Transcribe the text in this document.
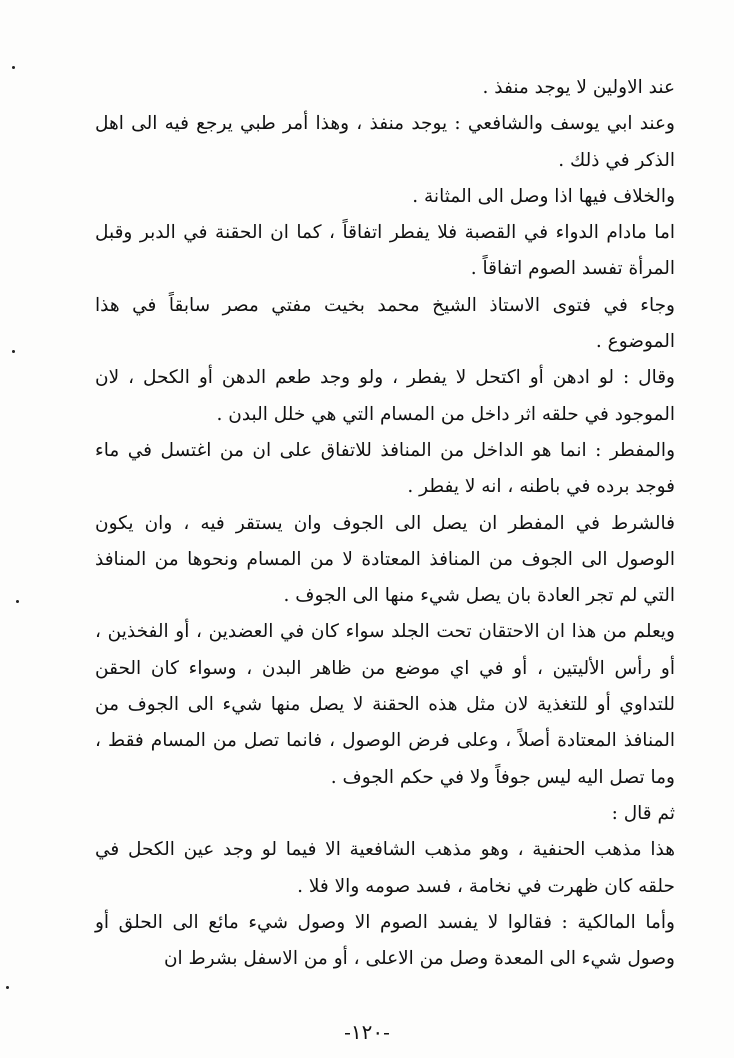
عند الاولين لا يوجد منفذ .

وعند ابي يوسف والشافعي : يوجد منفذ ، وهذا أمر طبي يرجع فيه الى اهل الذكر في ذلك .

والخلاف فيها اذا وصل الى المثانة .

اما مادام الدواء في القصبة فلا يفطر اتفاقاً ، كما ان الحقنة في الدبر وقبل المرأة تفسد الصوم اتفاقاً .

وجاء في فتوى الاستاذ الشيخ محمد بخيت مفتي مصر سابقاً في هذا الموضوع .

وقال : لو ادهن أو اكتحل لا يفطر ، ولو وجد طعم الدهن أو الكحل ، لان الموجود في حلقه اثر داخل من المسام التي هي خلل البدن .

والمفطر : انما هو الداخل من المنافذ للاتفاق على ان من اغتسل في ماء فوجد برده في باطنه ، انه لا يفطر .

فالشرط في المفطر ان يصل الى الجوف وان يستقر فيه ، وان يكون الوصول الى الجوف من المنافذ المعتادة لا من المسام ونحوها من المنافذ التي لم تجر العادة بان يصل شيء منها الى الجوف .

ويعلم من هذا ان الاحتقان تحت الجلد سواء كان في العضدين ، أو الفخذين ، أو رأس الأليتين ، أو في اي موضع من ظاهر البدن ، وسواء كان الحقن للتداوي أو للتغذية لان مثل هذه الحقنة لا يصل منها شيء الى الجوف من المنافذ المعتادة أصلاً ، وعلى فرض الوصول ، فانما تصل من المسام فقط ، وما تصل اليه ليس جوفاً ولا في حكم الجوف .

ثم قال :

هذا مذهب الحنفية ، وهو مذهب الشافعية الا فيما لو وجد عين الكحل في حلقه كان ظهرت في نخامة ، فسد صومه والا فلا .

وأما المالكية : فقالوا لا يفسد الصوم الا وصول شيء مائع الى الحلق أو وصول شيء الى المعدة وصل من الاعلى ، أو من الاسفل بشرط ان

-١٢٠-
